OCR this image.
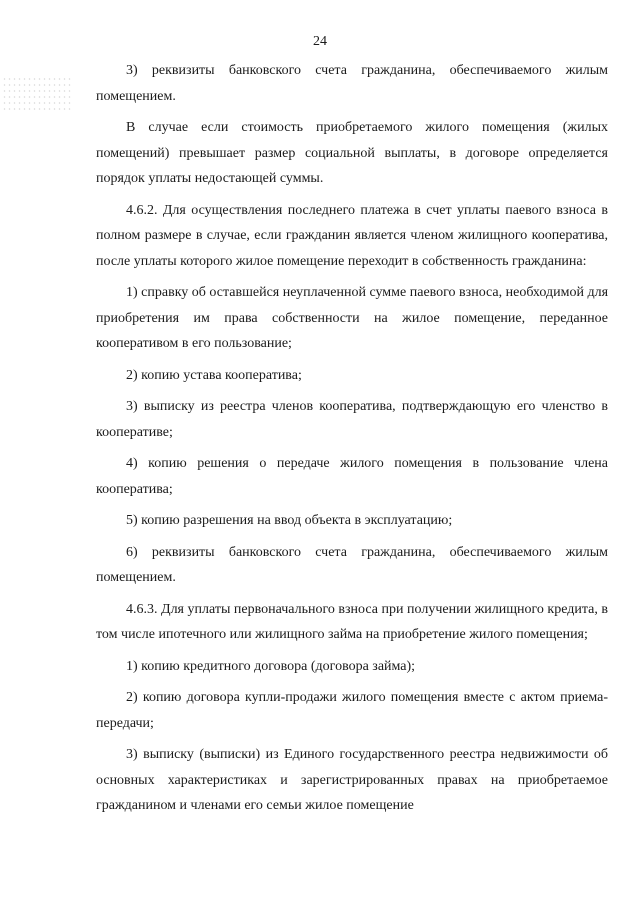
24

3) реквизиты банковского счета гражданина, обеспечиваемого жилым помещением.

В случае если стоимость приобретаемого жилого помещения (жилых помещений) превышает размер социальной выплаты, в договоре определяется порядок уплаты недостающей суммы.

4.6.2. Для осуществления последнего платежа в счет уплаты паевого взноса в полном размере в случае, если гражданин является членом жилищного кооператива, после уплаты которого жилое помещение переходит в собственность гражданина:

1) справку об оставшейся неуплаченной сумме паевого взноса, необходимой для приобретения им права собственности на жилое помещение, переданное кооперативом в его пользование;

2) копию устава кооператива;

3) выписку из реестра членов кооператива, подтверждающую его членство в кооперативе;

4) копию решения о передаче жилого помещения в пользование члена кооператива;

5) копию разрешения на ввод объекта в эксплуатацию;

6) реквизиты банковского счета гражданина, обеспечиваемого жилым помещением.

4.6.3. Для уплаты первоначального взноса при получении жилищного кредита, в том числе ипотечного или жилищного займа на приобретение жилого помещения;

1) копию кредитного договора (договора займа);

2) копию договора купли-продажи жилого помещения вместе с актом приема-передачи;

3) выписку (выписки) из Единого государственного реестра недвижимости об основных характеристиках и зарегистрированных правах на приобретаемое гражданином и членами его семьи жилое помещение
